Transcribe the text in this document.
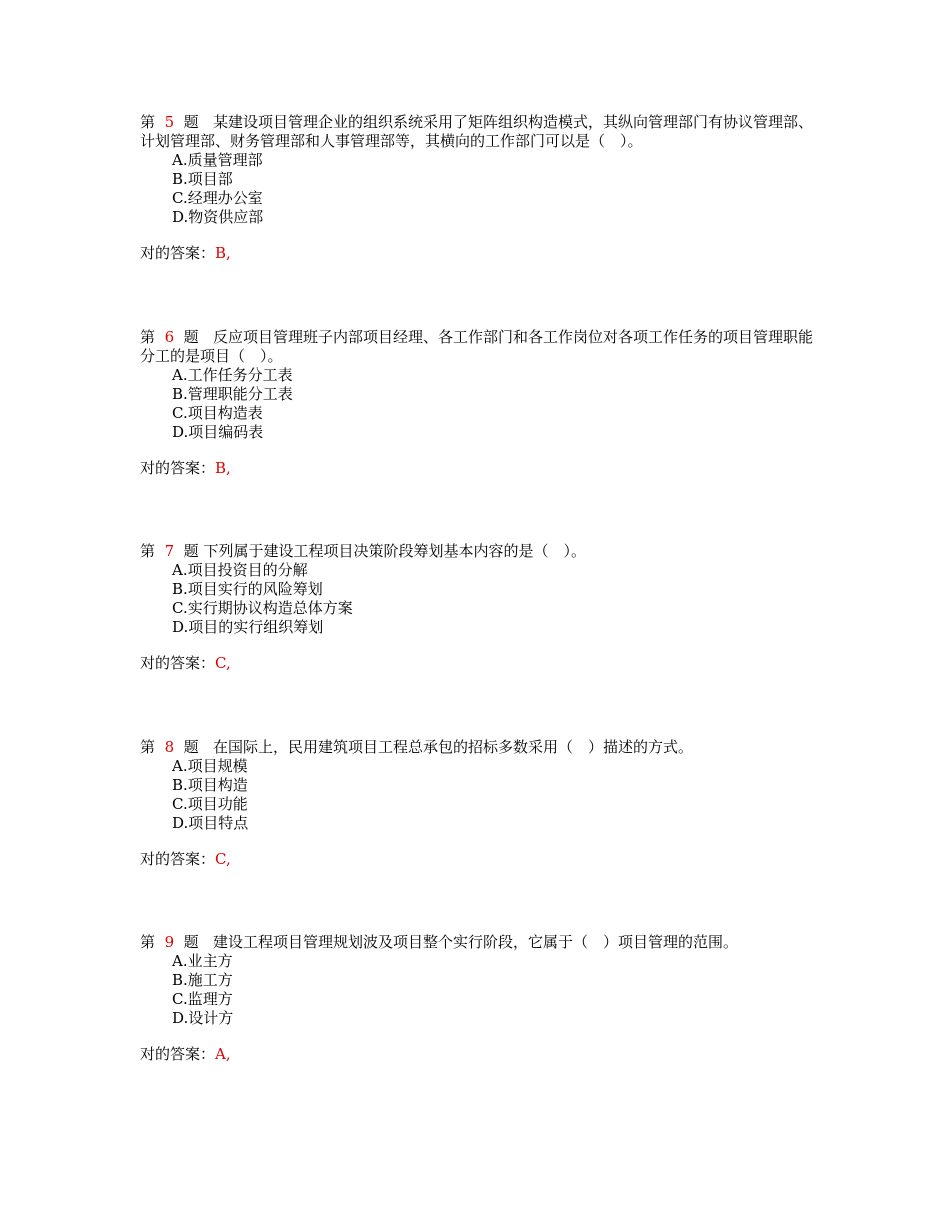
第 5 题 某建设项目管理企业的组织系统采用了矩阵组织构造模式，其纵向管理部门有协议管理部、计划管理部、财务管理部和人事管理部等，其横向的工作部门可以是（　）。

A.质量管理部
B.项目部
C.经理办公室
D.物资供应部
对的答案：B,

第 6 题 反应项目管理班子内部项目经理、各工作部门和各工作岗位对各项工作任务的项目管理职能分工的是项目（　）。

A.工作任务分工表
B.管理职能分工表
C.项目构造表
D.项目编码表
对的答案：B,

第 7 题 下列属于建设工程项目决策阶段筹划基本内容的是（　）。

A.项目投资目的分解
B.项目实行的风险筹划
C.实行期协议构造总体方案
D.项目的实行组织筹划
对的答案：C,

第 8 题 在国际上，民用建筑项目工程总承包的招标多数采用（　）描述的方式。

A.项目规模
B.项目构造
C.项目功能
D.项目特点
对的答案：C,

第 9 题 建设工程项目管理规划波及项目整个实行阶段，它属于（　）项目管理的范围。

A.业主方
B.施工方
C.监理方
D.设计方
对的答案：A,
